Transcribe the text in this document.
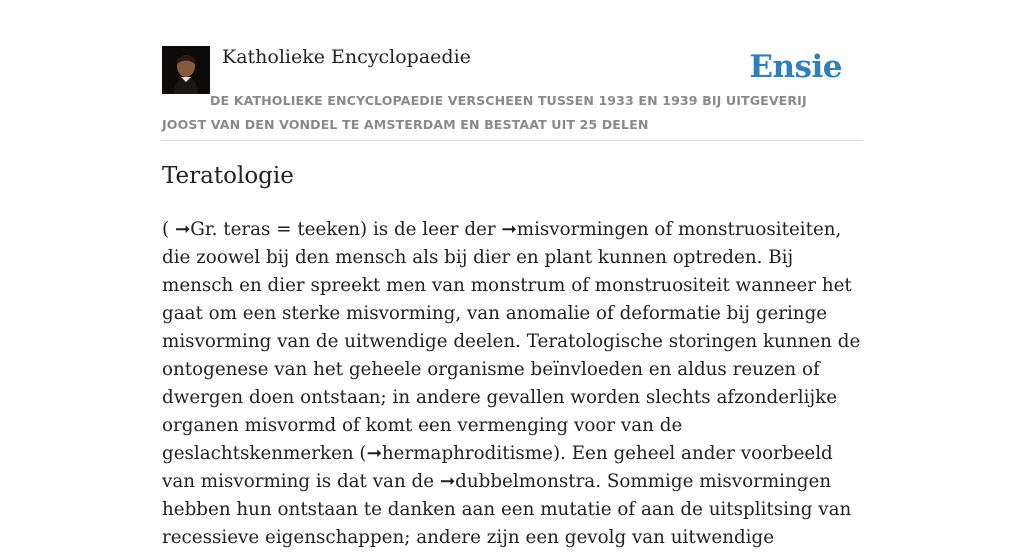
Katholieke Encyclopaedie	Ensie
DE KATHOLIEKE ENCYCLOPAEDIE VERSCHEEN TUSSEN 1933 EN 1939 BIJ UITGEVERIJ JOOST VAN DEN VONDEL TE AMSTERDAM EN BESTAAT UIT 25 DELEN
Teratologie

( ➞Gr. teras = teeken) is de leer der ➞misvormingen of monstruositeiten, die zoowel bij den mensch als bij dier en plant kunnen optreden. Bij mensch en dier spreekt men van monstrum of monstruositeit wanneer het gaat om een sterke misvorming, van anomalie of deformatie bij geringe misvorming van de uitwendige deelen. Teratologische storingen kunnen de ontogenese van het geheele organisme beïnvloeden en aldus reuzen of dwergen doen ontstaan; in andere gevallen worden slechts afzonderlijke organen misvormd of komt een vermenging voor van de geslachtskenmerken (➞hermaphroditisme). Een geheel ander voorbeeld van misvorming is dat van de ➞dubbelmonstra. Sommige misvormingen hebben hun ontstaan te danken aan een mutatie of aan de uitsplitsing van recessieve eigenschappen; andere zijn een gevolg van uitwendige
